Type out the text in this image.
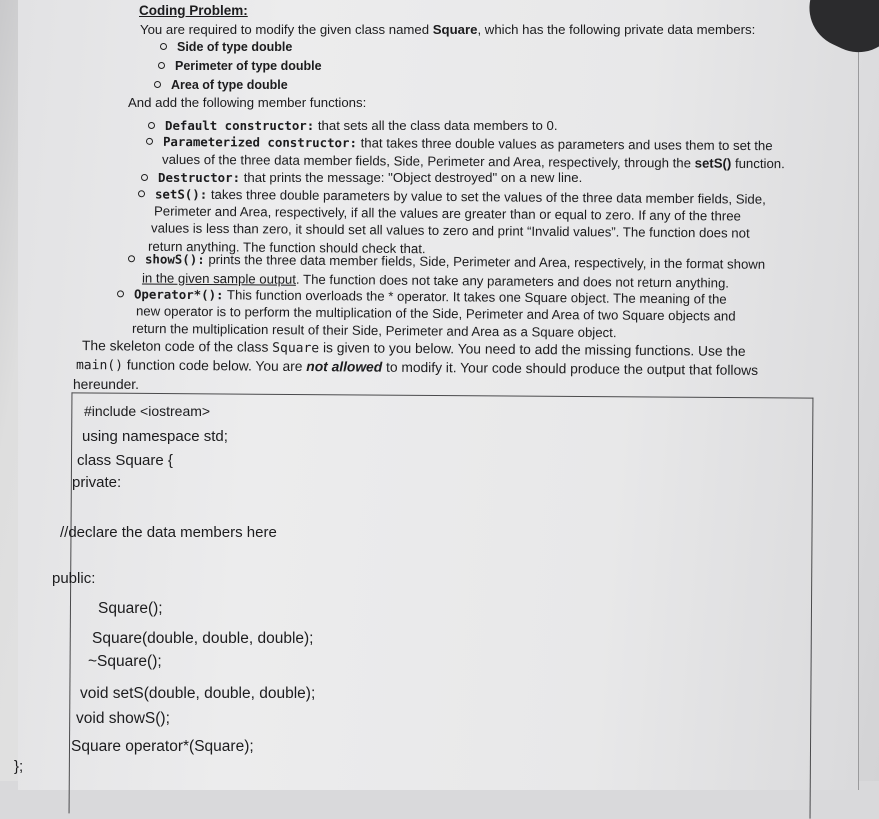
Coding Problem:
You are required to modify the given class named Square, which has the following private data members:
Side of type double
Perimeter of type double
Area of type double
And add the following member functions:
Default constructor: that sets all the class data members to 0.
Parameterized constructor: that takes three double values as parameters and uses them to set the
values of the three data member fields, Side, Perimeter and Area, respectively, through the setS() function.
Destructor: that prints the message: "Object destroyed" on a new line.
setS(): takes three double parameters by value to set the values of the three data member fields, Side,
Perimeter and Area, respectively, if all the values are greater than or equal to zero. If any of the three
values is less than zero, it should set all values to zero and print “Invalid values”. The function does not
return anything. The function should check that.
showS(): prints the three data member fields, Side, Perimeter and Area, respectively, in the format shown
in the given sample output. The function does not take any parameters and does not return anything.
Operator*(): This function overloads the * operator. It takes one Square object. The meaning of the
new operator is to perform the multiplication of the Side, Perimeter and Area of two Square objects and
return the multiplication result of their Side, Perimeter and Area as a Square object.
The skeleton code of the class Square is given to you below. You need to add the missing functions. Use the
main() function code below. You are not allowed to modify it. Your code should produce the output that follows
hereunder.
#include <iostream>
using namespace std;
class Square {
private:
//declare the data members here
public:
Square();
Square(double, double, double);
~Square();
void setS(double, double, double);
void showS();
Square operator*(Square);
};
